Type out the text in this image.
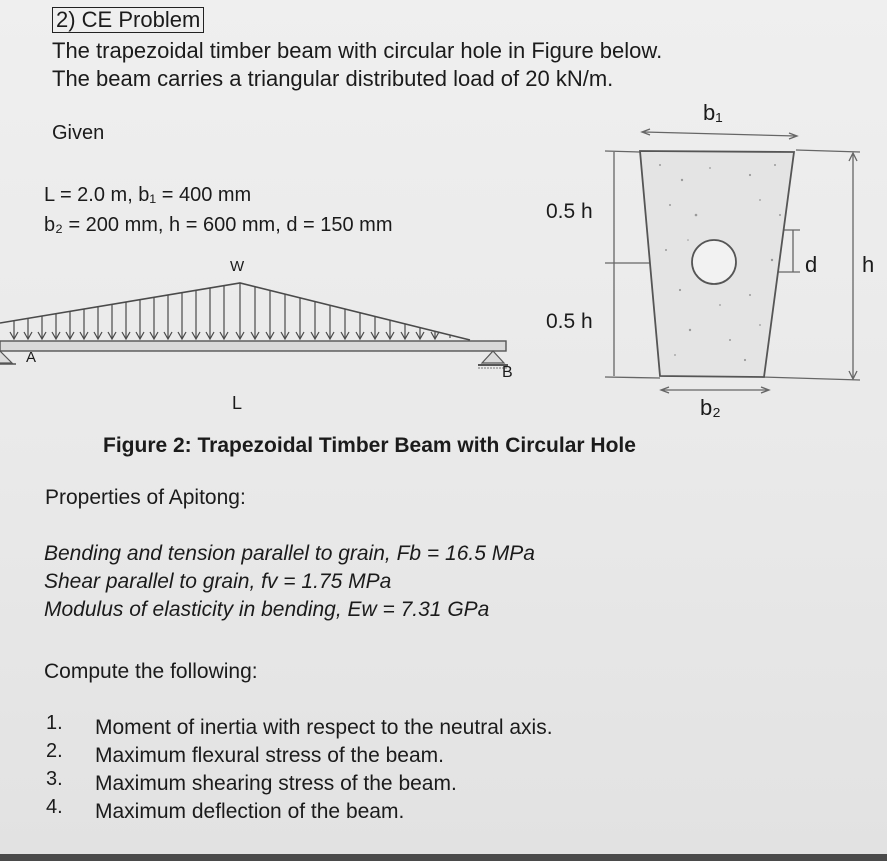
2) CE Problem
The trapezoidal timber beam with circular hole in Figure below.
The beam carries a triangular distributed load of 20 kN/m.
Given
L = 2.0 m, b₁ = 400 mm
b₂ = 200 mm, h = 600 mm, d = 150 mm
W
A
B
L
b₁
0.5 h
0.5 h
d h
b₂
Figure 2: Trapezoidal Timber Beam with Circular Hole
Properties of Apitong:
Bending and tension parallel to grain, Fb = 16.5 MPa
Shear parallel to grain, fv = 1.75 MPa
Modulus of elasticity in bending, Ew = 7.31 GPa
Compute the following:
1. Moment of inertia with respect to the neutral axis.
2. Maximum flexural stress of the beam.
3. Maximum shearing stress of the beam.
4. Maximum deflection of the beam.
